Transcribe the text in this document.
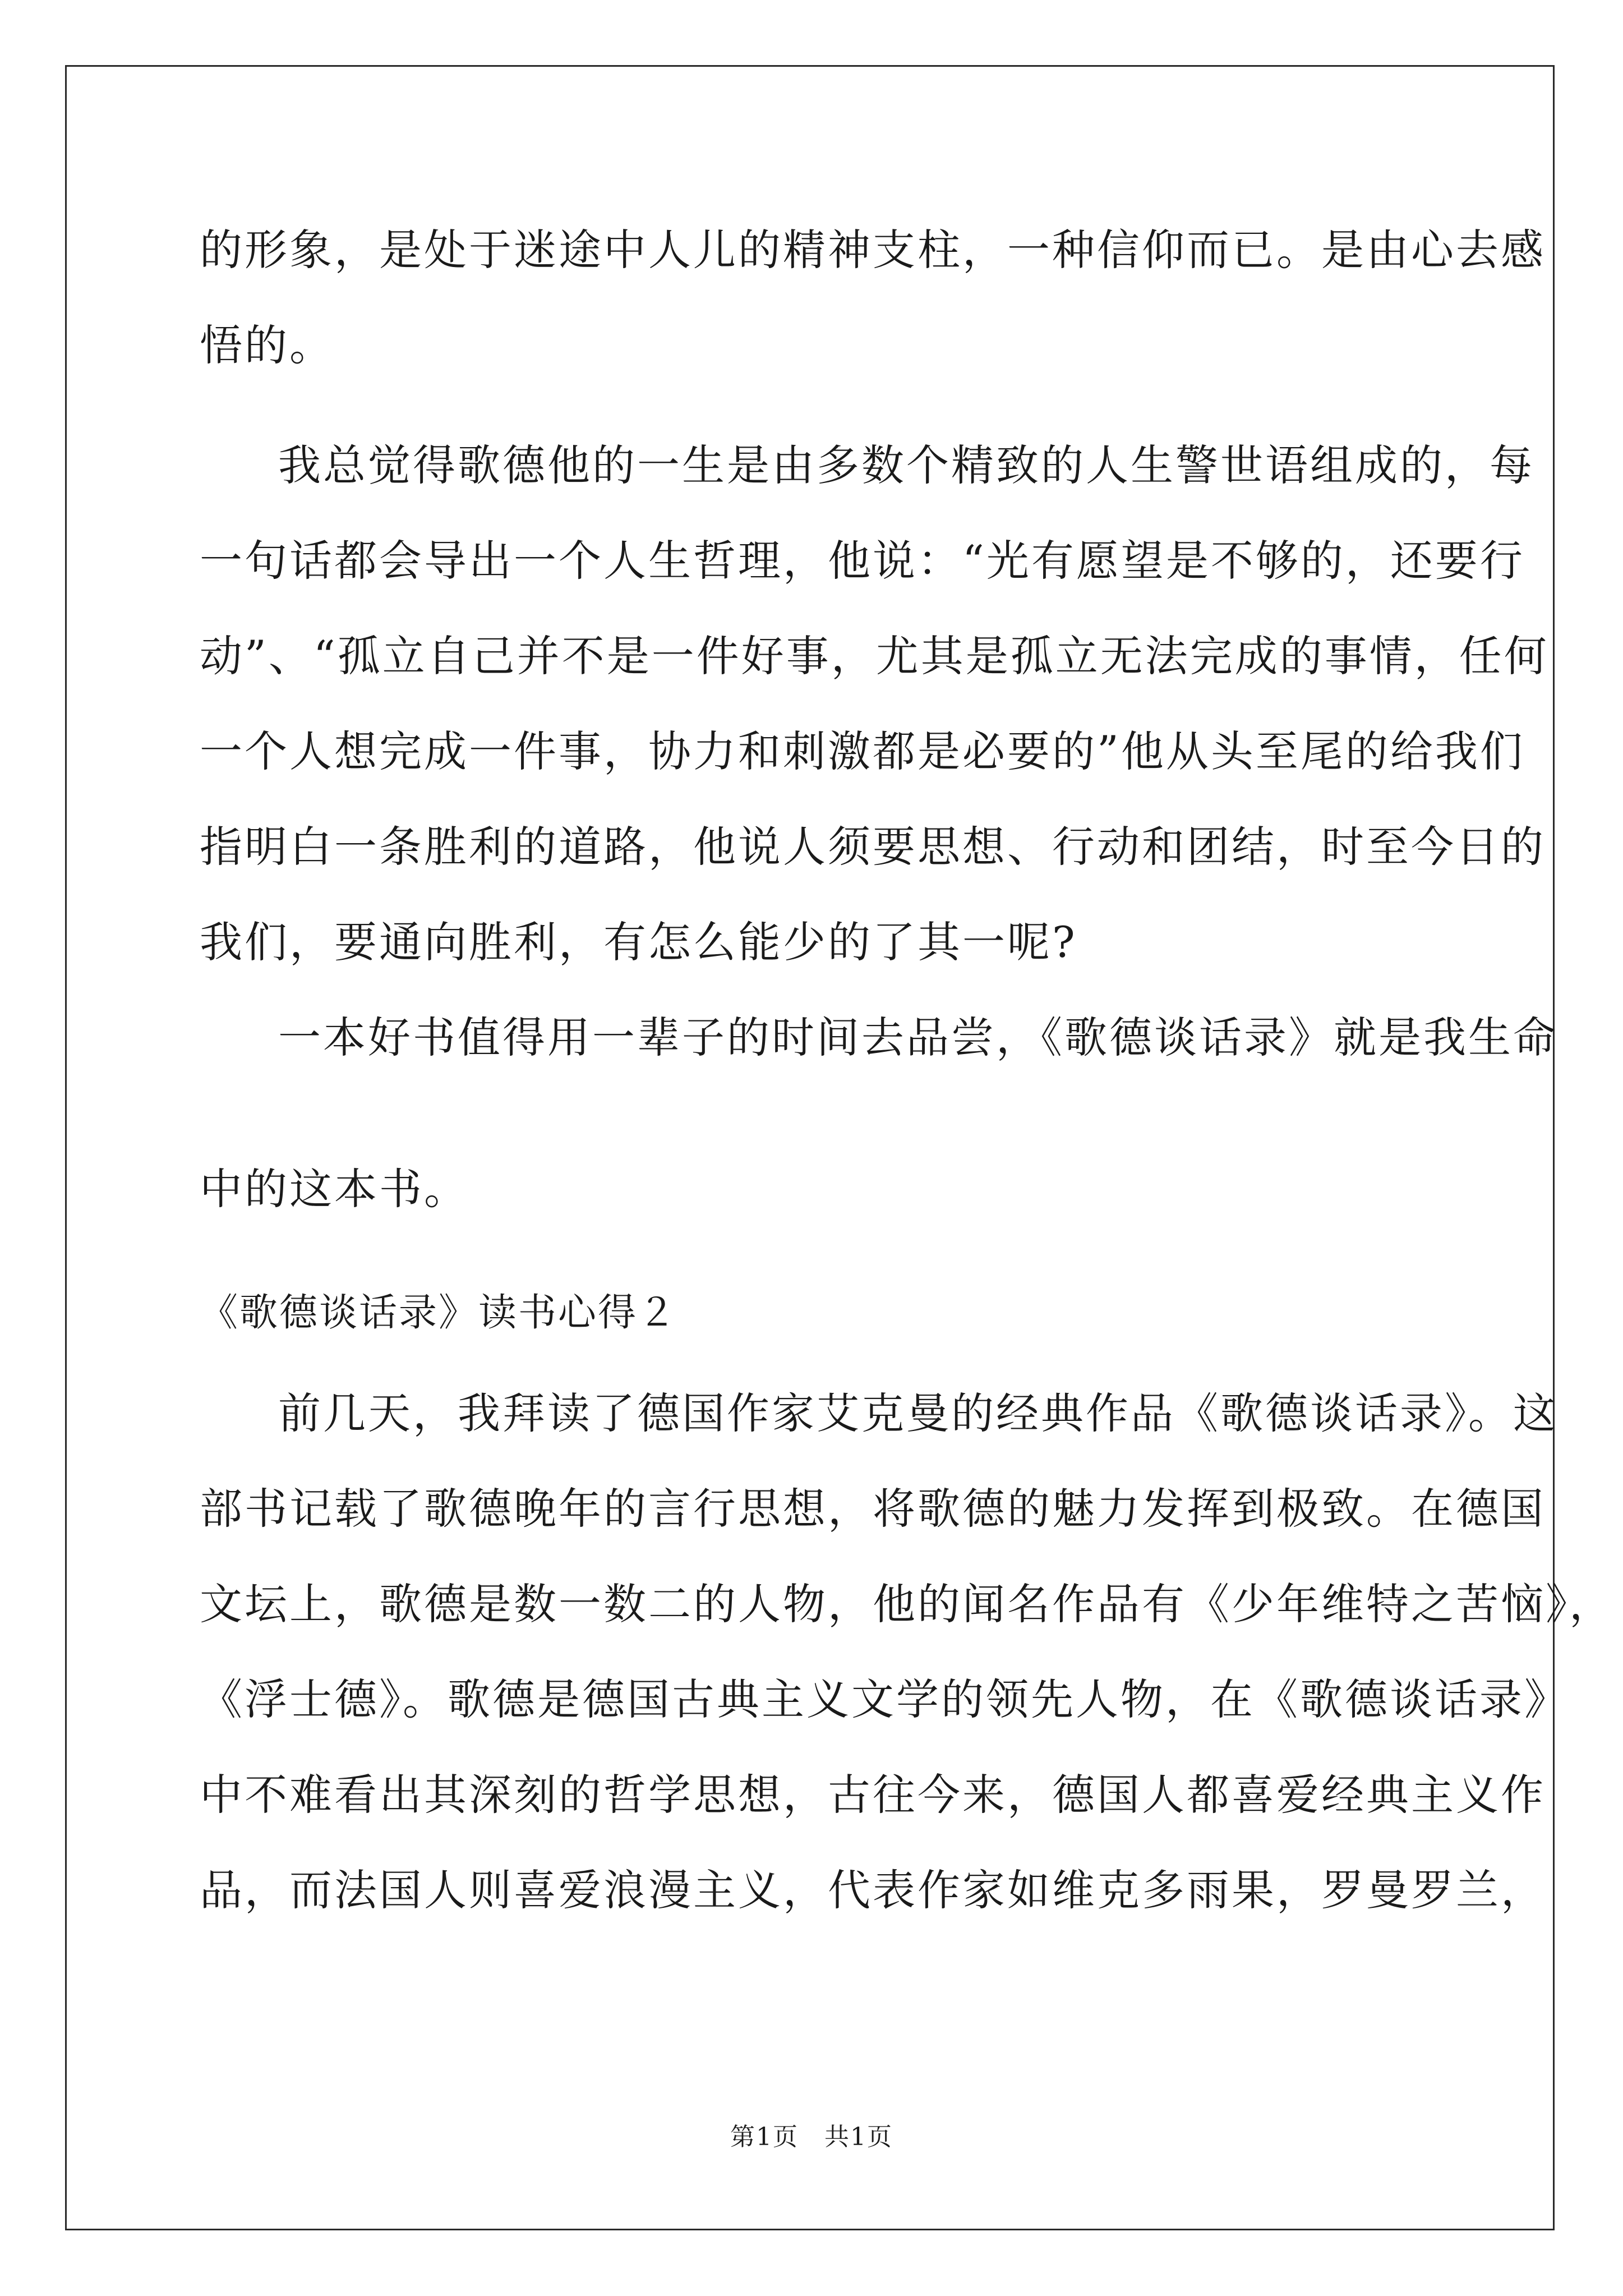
的形象，是处于迷途中人儿的精神支柱，一种信仰而已。是由心去感
悟的。
我总觉得歌德他的一生是由多数个精致的人生警世语组成的，每
一句话都会导出一个人生哲理，他说：“光有愿望是不够的，还要行
动”、“孤立自己并不是一件好事，尤其是孤立无法完成的事情，任何
一个人想完成一件事，协力和刺激都是必要的”他从头至尾的给我们
指明白一条胜利的道路，他说人须要思想、行动和团结，时至今日的
我们，要通向胜利，有怎么能少的了其一呢?
一本好书值得用一辈子的时间去品尝，《歌德谈话录》就是我生命
中的这本书。
《歌德谈话录》读书心得２
前几天，我拜读了德国作家艾克曼的经典作品《歌德谈话录》。这
部书记载了歌德晚年的言行思想，将歌德的魅力发挥到极致。在德国
文坛上，歌德是数一数二的人物，他的闻名作品有《少年维特之苦恼》，
《浮士德》。歌德是德国古典主义文学的领先人物，在《歌德谈话录》
中不难看出其深刻的哲学思想，古往今来，德国人都喜爱经典主义作
品，而法国人则喜爱浪漫主义，代表作家如维克多雨果，罗曼罗兰，
第1页　共1页
